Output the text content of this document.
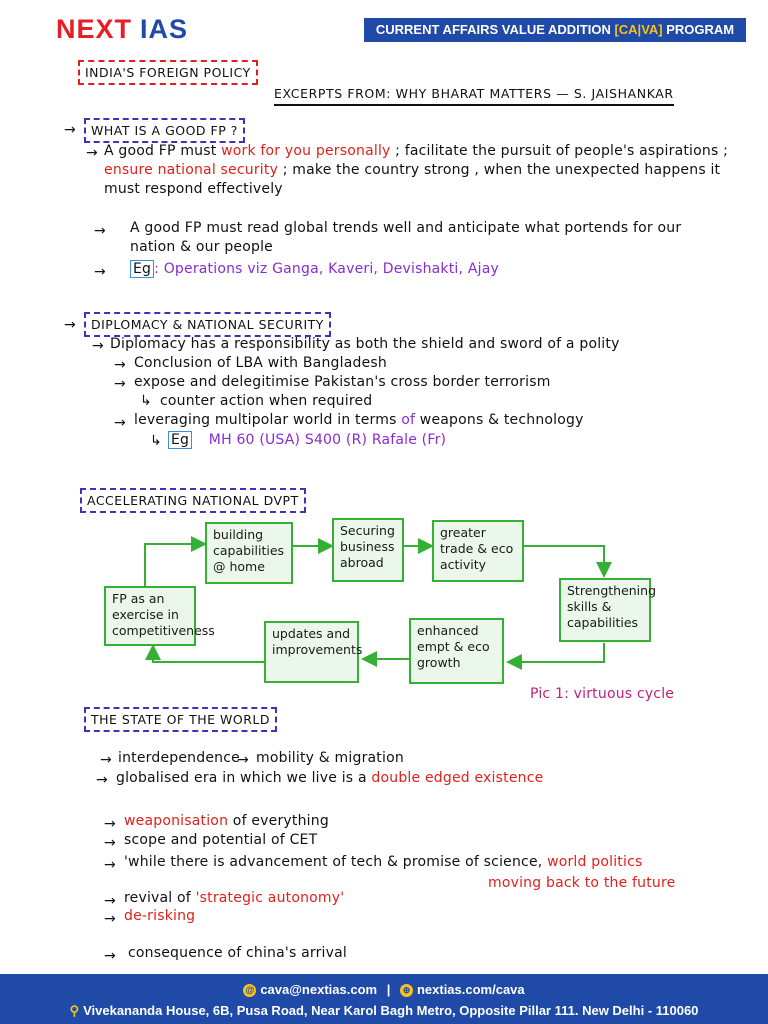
NEXT IAS	CURRENT AFFAIRS VALUE ADDITION [CA|VA] PROGRAM
INDIA'S FOREIGN POLICY
EXCERPTS FROM: WHY BHARAT MATTERS — S. JAISHANKAR
→	WHAT IS A GOOD FP ?
→ A good FP must work for you personally ; facilitate the pursuit of people's aspirations ; ensure national security ; make the country strong , when the unexpected happens it must respond effectively
→ A good FP must read global trends well and anticipate what portends for our nation & our people
→ Eg : Operations viz Ganga, Kaveri, Devishakti, Ajay
→	DIPLOMACY & NATIONAL SECURITY
→ Diplomacy has a responsibility as both the shield and sword of a polity
→ Conclusion of LBA with Bangladesh
→ expose and delegitimise Pakistan's cross border terrorism
↳ counter action when required
→ leveraging multipolar world in terms of weapons & technology
↳ Eg MH 60 (USA) S400 (R) Rafale (Fr)
ACCELERATING NATIONAL DVPT
building capabilities @ home
Securing business abroad
greater trade & eco activity
Strengthening skills & capabilities
enhanced empt & eco growth
updates and improvements
FP as an exercise in competitiveness
Pic 1: virtuous cycle
THE STATE OF THE WORLD
→ interdependence
→ mobility & migration
→ globalised era in which we live is a double edged existence
→ weaponisation of everything
→ scope and potential of CET
→ 'while there is advancement of tech & promise of science, world politics
moving back to the future
→ revival of 'strategic autonomy'
→ de-risking
→ consequence of china's arrival
@ cava@nextias.com | ⊕ nextias.com/cava
⚲ Vivekananda House, 6B, Pusa Road, Near Karol Bagh Metro, Opposite Pillar 111. New Delhi - 110060
